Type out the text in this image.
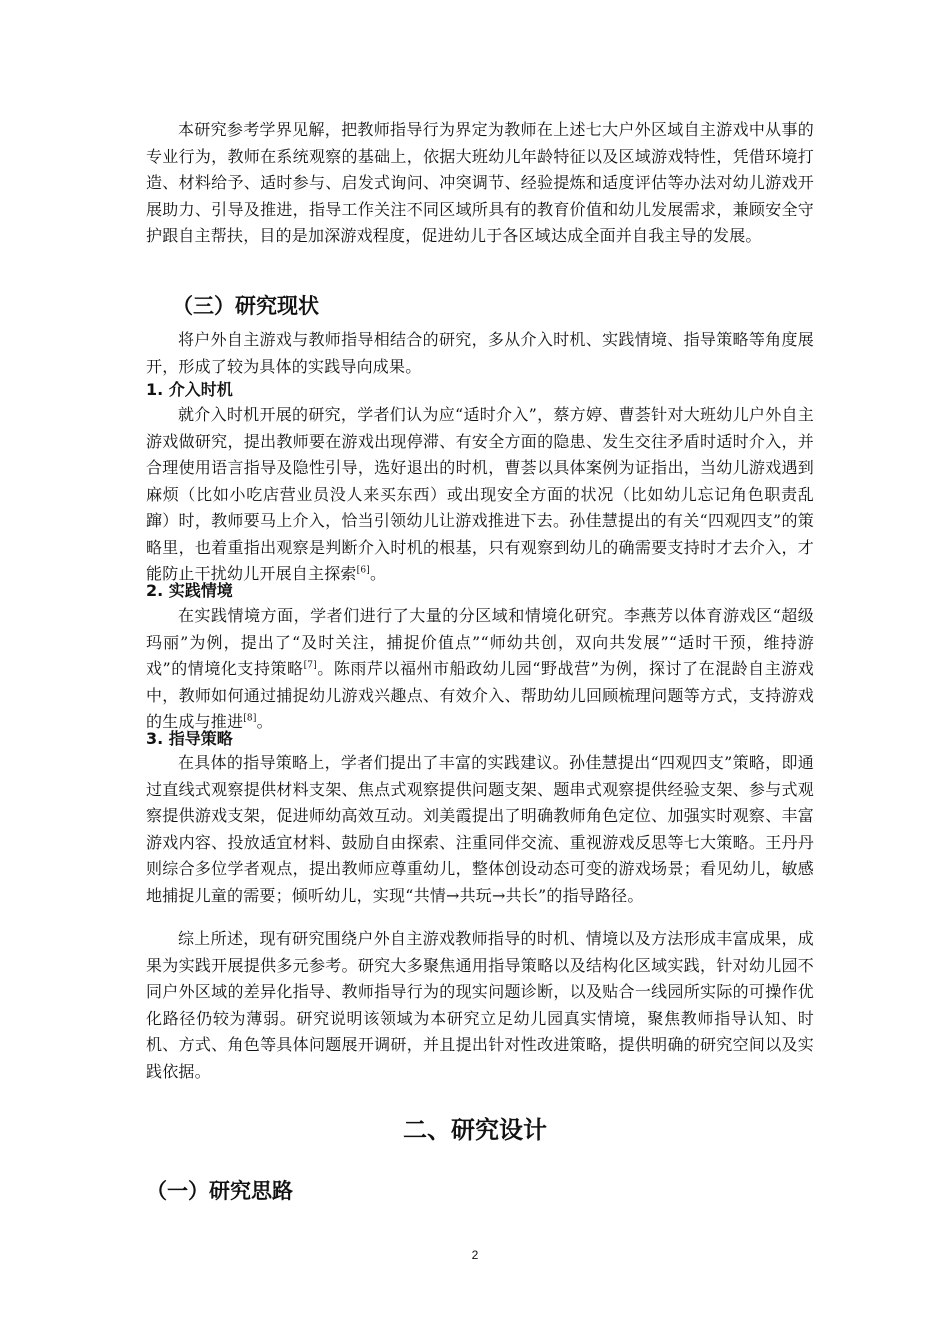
本研究参考学界见解，把教师指导行为界定为教师在上述七大户外区域自主游戏中从事的专业行为，教师在系统观察的基础上，依据大班幼儿年龄特征以及区域游戏特性，凭借环境打造、材料给予、适时参与、启发式询问、冲突调节、经验提炼和适度评估等办法对幼儿游戏开展助力、引导及推进，指导工作关注不同区域所具有的教育价值和幼儿发展需求，兼顾安全守护跟自主帮扶，目的是加深游戏程度，促进幼儿于各区域达成全面并自我主导的发展。

（三）研究现状

将户外自主游戏与教师指导相结合的研究，多从介入时机、实践情境、指导策略等角度展开，形成了较为具体的实践导向成果。

1. 介入时机

就介入时机开展的研究，学者们认为应“适时介入”，蔡方婷、曹荟针对大班幼儿户外自主游戏做研究，提出教师要在游戏出现停滞、有安全方面的隐患、发生交往矛盾时适时介入，并合理使用语言指导及隐性引导，选好退出的时机，曹荟以具体案例为证指出，当幼儿游戏遇到麻烦（比如小吃店营业员没人来买东西）或出现安全方面的状况（比如幼儿忘记角色职责乱蹿）时，教师要马上介入，恰当引领幼儿让游戏推进下去。孙佳慧提出的有关“四观四支”的策略里，也着重指出观察是判断介入时机的根基，只有观察到幼儿的确需要支持时才去介入，才能防止干扰幼儿开展自主探索[6]。

2. 实践情境

在实践情境方面，学者们进行了大量的分区域和情境化研究。李燕芳以体育游戏区“超级玛丽”为例，提出了“及时关注，捕捉价值点”“师幼共创，双向共发展”“适时干预，维持游戏”的情境化支持策略[7]。陈雨芹以福州市船政幼儿园“野战营”为例，探讨了在混龄自主游戏中，教师如何通过捕捉幼儿游戏兴趣点、有效介入、帮助幼儿回顾梳理问题等方式，支持游戏的生成与推进[8]。

3. 指导策略

在具体的指导策略上，学者们提出了丰富的实践建议。孙佳慧提出“四观四支”策略，即通过直线式观察提供材料支架、焦点式观察提供问题支架、题串式观察提供经验支架、参与式观察提供游戏支架，促进师幼高效互动。刘美霞提出了明确教师角色定位、加强实时观察、丰富游戏内容、投放适宜材料、鼓励自由探索、注重同伴交流、重视游戏反思等七大策略。王丹丹则综合多位学者观点，提出教师应尊重幼儿，整体创设动态可变的游戏场景；看见幼儿，敏感地捕捉儿童的需要；倾听幼儿，实现“共情→共玩→共长”的指导路径。

综上所述，现有研究围绕户外自主游戏教师指导的时机、情境以及方法形成丰富成果，成果为实践开展提供多元参考。研究大多聚焦通用指导策略以及结构化区域实践，针对幼儿园不同户外区域的差异化指导、教师指导行为的现实问题诊断，以及贴合一线园所实际的可操作优化路径仍较为薄弱。研究说明该领域为本研究立足幼儿园真实情境，聚焦教师指导认知、时机、方式、角色等具体问题展开调研，并且提出针对性改进策略，提供明确的研究空间以及实践依据。

二、研究设计
（一）研究思路
2
